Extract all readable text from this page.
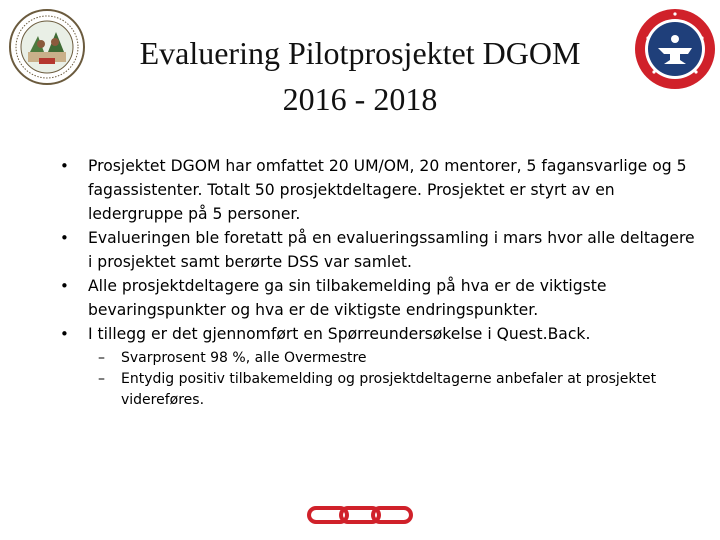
Evaluering Pilotprosjektet DGOM
2016 - 2018
• Prosjektet DGOM har omfattet 20 UM/OM, 20 mentorer, 5 fagansvarlige og 5 fagassistenter. Totalt 50 prosjektdeltagere. Prosjektet er styrt av en ledergruppe på 5 personer.
• Evalueringen ble foretatt på en evalueringssamling i mars hvor alle deltagere i prosjektet samt berørte DSS var samlet.
• Alle prosjektdeltagere ga sin tilbakemelding på hva er de viktigste bevaringspunkter og hva er de viktigste endringspunkter.
• I tillegg er det gjennomført en Spørreundersøkelse i Quest.Back.
– Svarprosent 98 %, alle Overmestre
– Entydig positiv tilbakemelding og prosjektdeltagerne anbefaler at prosjektet videreføres.
